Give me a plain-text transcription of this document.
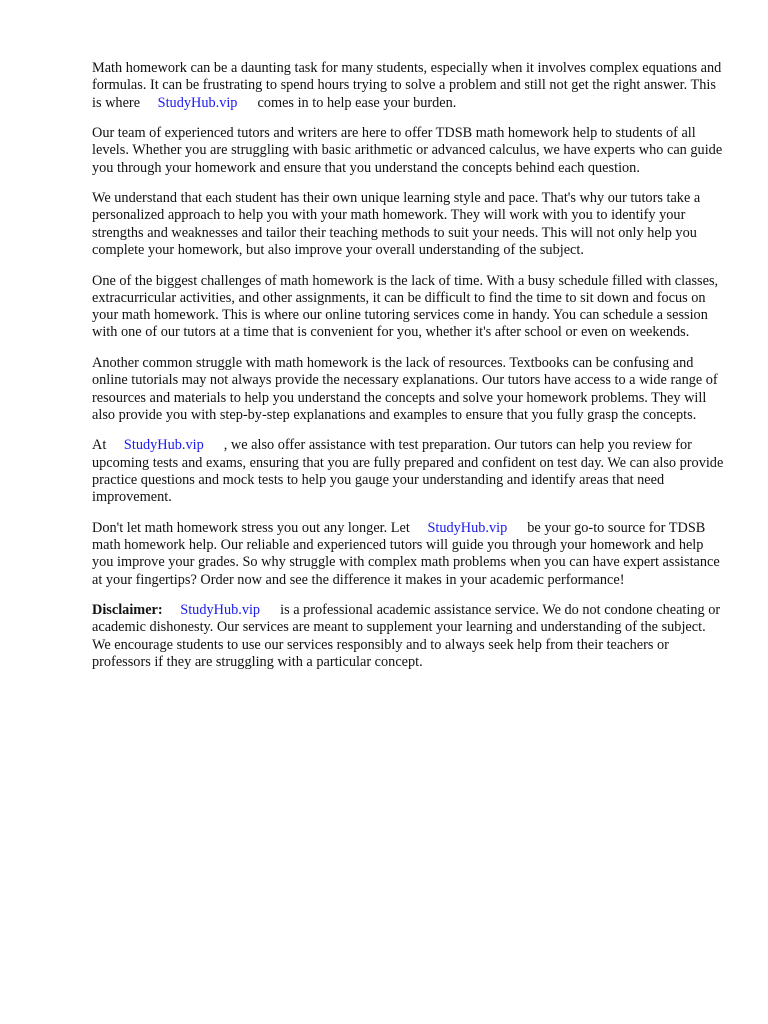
Math homework can be a daunting task for many students, especially when it involves complex equations and formulas. It can be frustrating to spend hours trying to solve a problem and still not get the right answer. This is where StudyHub.vip comes in to help ease your burden.

Our team of experienced tutors and writers are here to offer TDSB math homework help to students of all levels. Whether you are struggling with basic arithmetic or advanced calculus, we have experts who can guide you through your homework and ensure that you understand the concepts behind each question.

We understand that each student has their own unique learning style and pace. That's why our tutors take a personalized approach to help you with your math homework. They will work with you to identify your strengths and weaknesses and tailor their teaching methods to suit your needs. This will not only help you complete your homework, but also improve your overall understanding of the subject.

One of the biggest challenges of math homework is the lack of time. With a busy schedule filled with classes, extracurricular activities, and other assignments, it can be difficult to find the time to sit down and focus on your math homework. This is where our online tutoring services come in handy. You can schedule a session with one of our tutors at a time that is convenient for you, whether it's after school or even on weekends.

Another common struggle with math homework is the lack of resources. Textbooks can be confusing and online tutorials may not always provide the necessary explanations. Our tutors have access to a wide range of resources and materials to help you understand the concepts and solve your homework problems. They will also provide you with step-by-step explanations and examples to ensure that you fully grasp the concepts.

At StudyHub.vip , we also offer assistance with test preparation. Our tutors can help you review for upcoming tests and exams, ensuring that you are fully prepared and confident on test day. We can also provide practice questions and mock tests to help you gauge your understanding and identify areas that need improvement.

Don't let math homework stress you out any longer. Let StudyHub.vip be your go-to source for TDSB math homework help. Our reliable and experienced tutors will guide you through your homework and help you improve your grades. So why struggle with complex math problems when you can have expert assistance at your fingertips? Order now and see the difference it makes in your academic performance!

Disclaimer: StudyHub.vip is a professional academic assistance service. We do not condone cheating or academic dishonesty. Our services are meant to supplement your learning and understanding of the subject. We encourage students to use our services responsibly and to always seek help from their teachers or professors if they are struggling with a particular concept.
